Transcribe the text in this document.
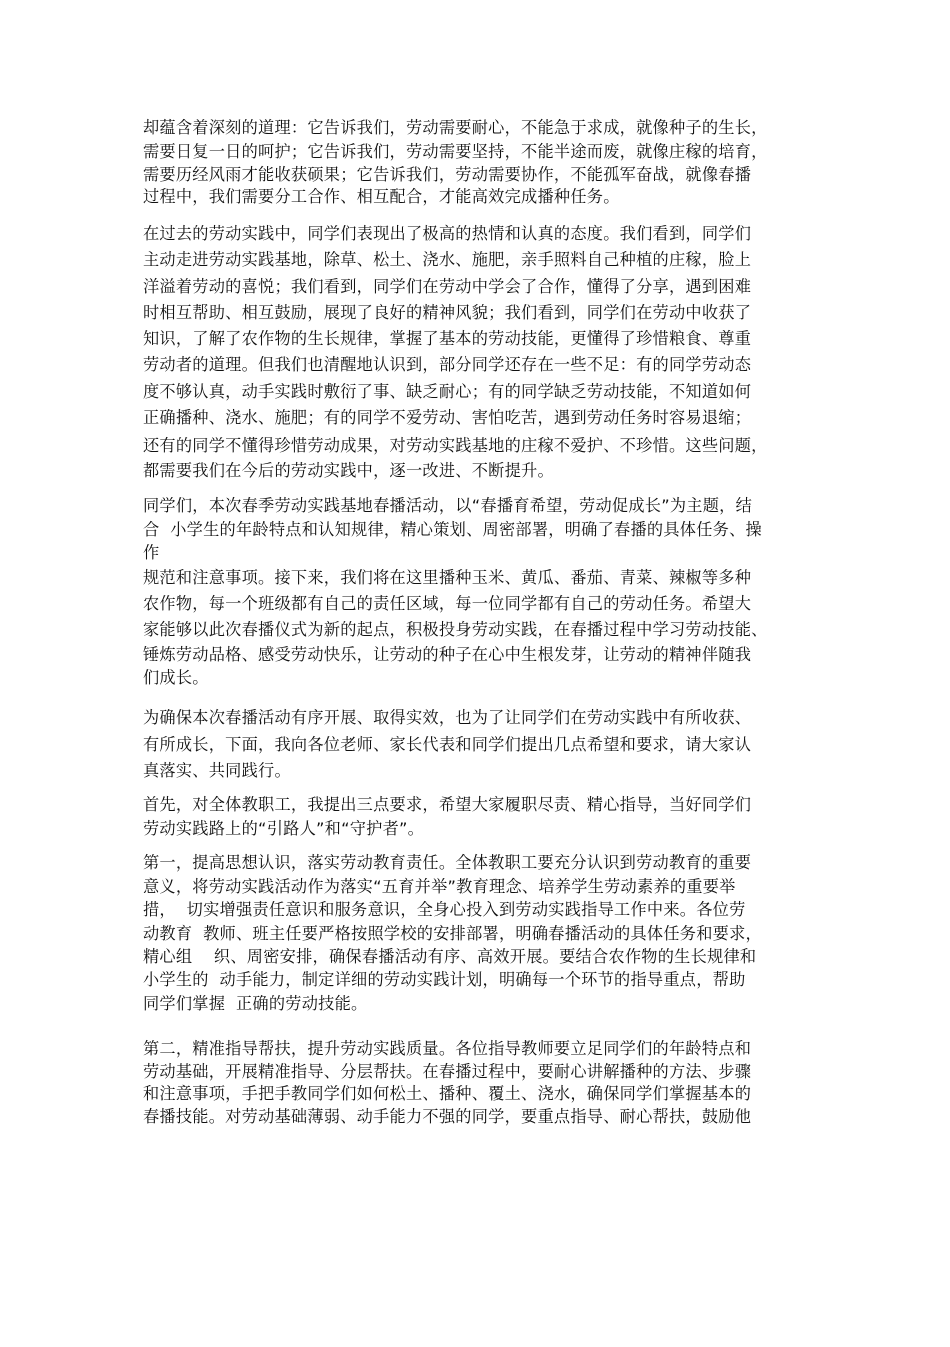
却蕴含着深刻的道理：它告诉我们，劳动需要耐心，不能急于求成，就像种子的生长，
需要日复一日的呵护；它告诉我们，劳动需要坚持，不能半途而废，就像庄稼的培育，
需要历经风雨才能收获硕果；它告诉我们，劳动需要协作，不能孤军奋战，就像春播
过程中，我们需要分工合作、相互配合，才能高效完成播种任务。
在过去的劳动实践中，同学们表现出了极高的热情和认真的态度。我们看到，同学们
主动走进劳动实践基地，除草、松土、浇水、施肥，亲手照料自己种植的庄稼，脸上
洋溢着劳动的喜悦；我们看到，同学们在劳动中学会了合作，懂得了分享，遇到困难
时相互帮助、相互鼓励，展现了良好的精神风貌；我们看到，同学们在劳动中收获了
知识，了解了农作物的生长规律，掌握了基本的劳动技能，更懂得了珍惜粮食、尊重
劳动者的道理。但我们也清醒地认识到，部分同学还存在一些不足：有的同学劳动态
度不够认真，动手实践时敷衍了事、缺乏耐心；有的同学缺乏劳动技能，不知道如何
正确播种、浇水、施肥；有的同学不爱劳动、害怕吃苦，遇到劳动任务时容易退缩；
还有的同学不懂得珍惜劳动成果，对劳动实践基地的庄稼不爱护、不珍惜。这些问题，
都需要我们在今后的劳动实践中，逐一改进、不断提升。
同学们，本次春季劳动实践基地春播活动，以“春播育希望，劳动促成长”为主题，结
合  小学生的年龄特点和认知规律，精心策划、周密部署，明确了春播的具体任务、操
作
规范和注意事项。接下来，我们将在这里播种玉米、黄瓜、番茄、青菜、辣椒等多种
农作物，每一个班级都有自己的责任区域，每一位同学都有自己的劳动任务。希望大
家能够以此次春播仪式为新的起点，积极投身劳动实践，在春播过程中学习劳动技能、
锤炼劳动品格、感受劳动快乐，让劳动的种子在心中生根发芽，让劳动的精神伴随我
们成长。
为确保本次春播活动有序开展、取得实效，也为了让同学们在劳动实践中有所收获、
有所成长，下面，我向各位老师、家长代表和同学们提出几点希望和要求，请大家认
真落实、共同践行。
首先，对全体教职工，我提出三点要求，希望大家履职尽责、精心指导，当好同学们
劳动实践路上的“引路人”和“守护者”。
第一，提高思想认识，落实劳动教育责任。全体教职工要充分认识到劳动教育的重要
意义，将劳动实践活动作为落实“五育并举”教育理念、培养学生劳动素养的重要举
措，  切实增强责任意识和服务意识，全身心投入到劳动实践指导工作中来。各位劳
动教育  教师、班主任要严格按照学校的安排部署，明确春播活动的具体任务和要求，
精心组    织、周密安排，确保春播活动有序、高效开展。要结合农作物的生长规律和
小学生的  动手能力，制定详细的劳动实践计划，明确每一个环节的指导重点，帮助
同学们掌握  正确的劳动技能。
第二，精准指导帮扶，提升劳动实践质量。各位指导教师要立足同学们的年龄特点和
劳动基础，开展精准指导、分层帮扶。在春播过程中，要耐心讲解播种的方法、步骤
和注意事项，手把手教同学们如何松土、播种、覆土、浇水，确保同学们掌握基本的
春播技能。对劳动基础薄弱、动手能力不强的同学，要重点指导、耐心帮扶，鼓励他
